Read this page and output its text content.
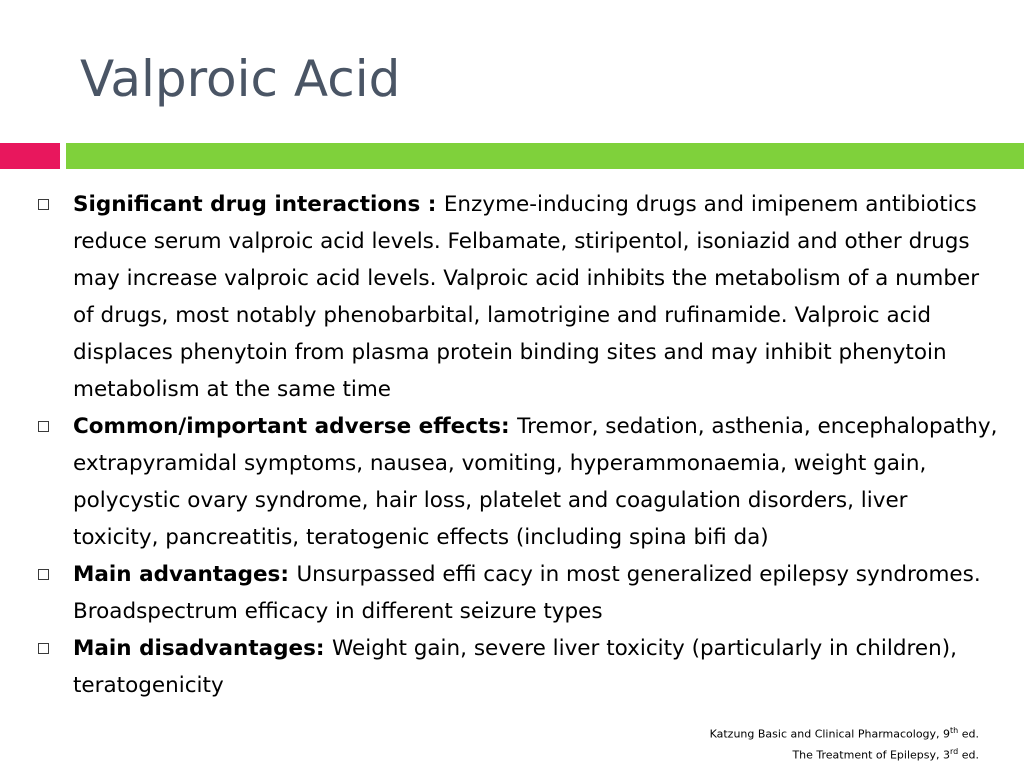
Valproic Acid
Significant drug interactions : Enzyme-inducing drugs and imipenem antibiotics reduce serum valproic acid levels. Felbamate, stiripentol, isoniazid and other drugs may increase valproic acid levels. Valproic acid inhibits the metabolism of a number of drugs, most notably phenobarbital, lamotrigine and rufinamide. Valproic acid displaces phenytoin from plasma protein binding sites and may inhibit phenytoin metabolism at the same time
Common/important adverse effects: Tremor, sedation, asthenia, encephalopathy, extrapyramidal symptoms, nausea, vomiting, hyperammonaemia, weight gain, polycystic ovary syndrome, hair loss, platelet and coagulation disorders, liver toxicity, pancreatitis, teratogenic effects (including spina bifi da)
Main advantages: Unsurpassed effi cacy in most generalized epilepsy syndromes. Broadspectrum efficacy in different seizure types
Main disadvantages: Weight gain, severe liver toxicity (particularly in children), teratogenicity
Katzung Basic and Clinical Pharmacology, 9th ed.
The Treatment of Epilepsy, 3rd ed.
